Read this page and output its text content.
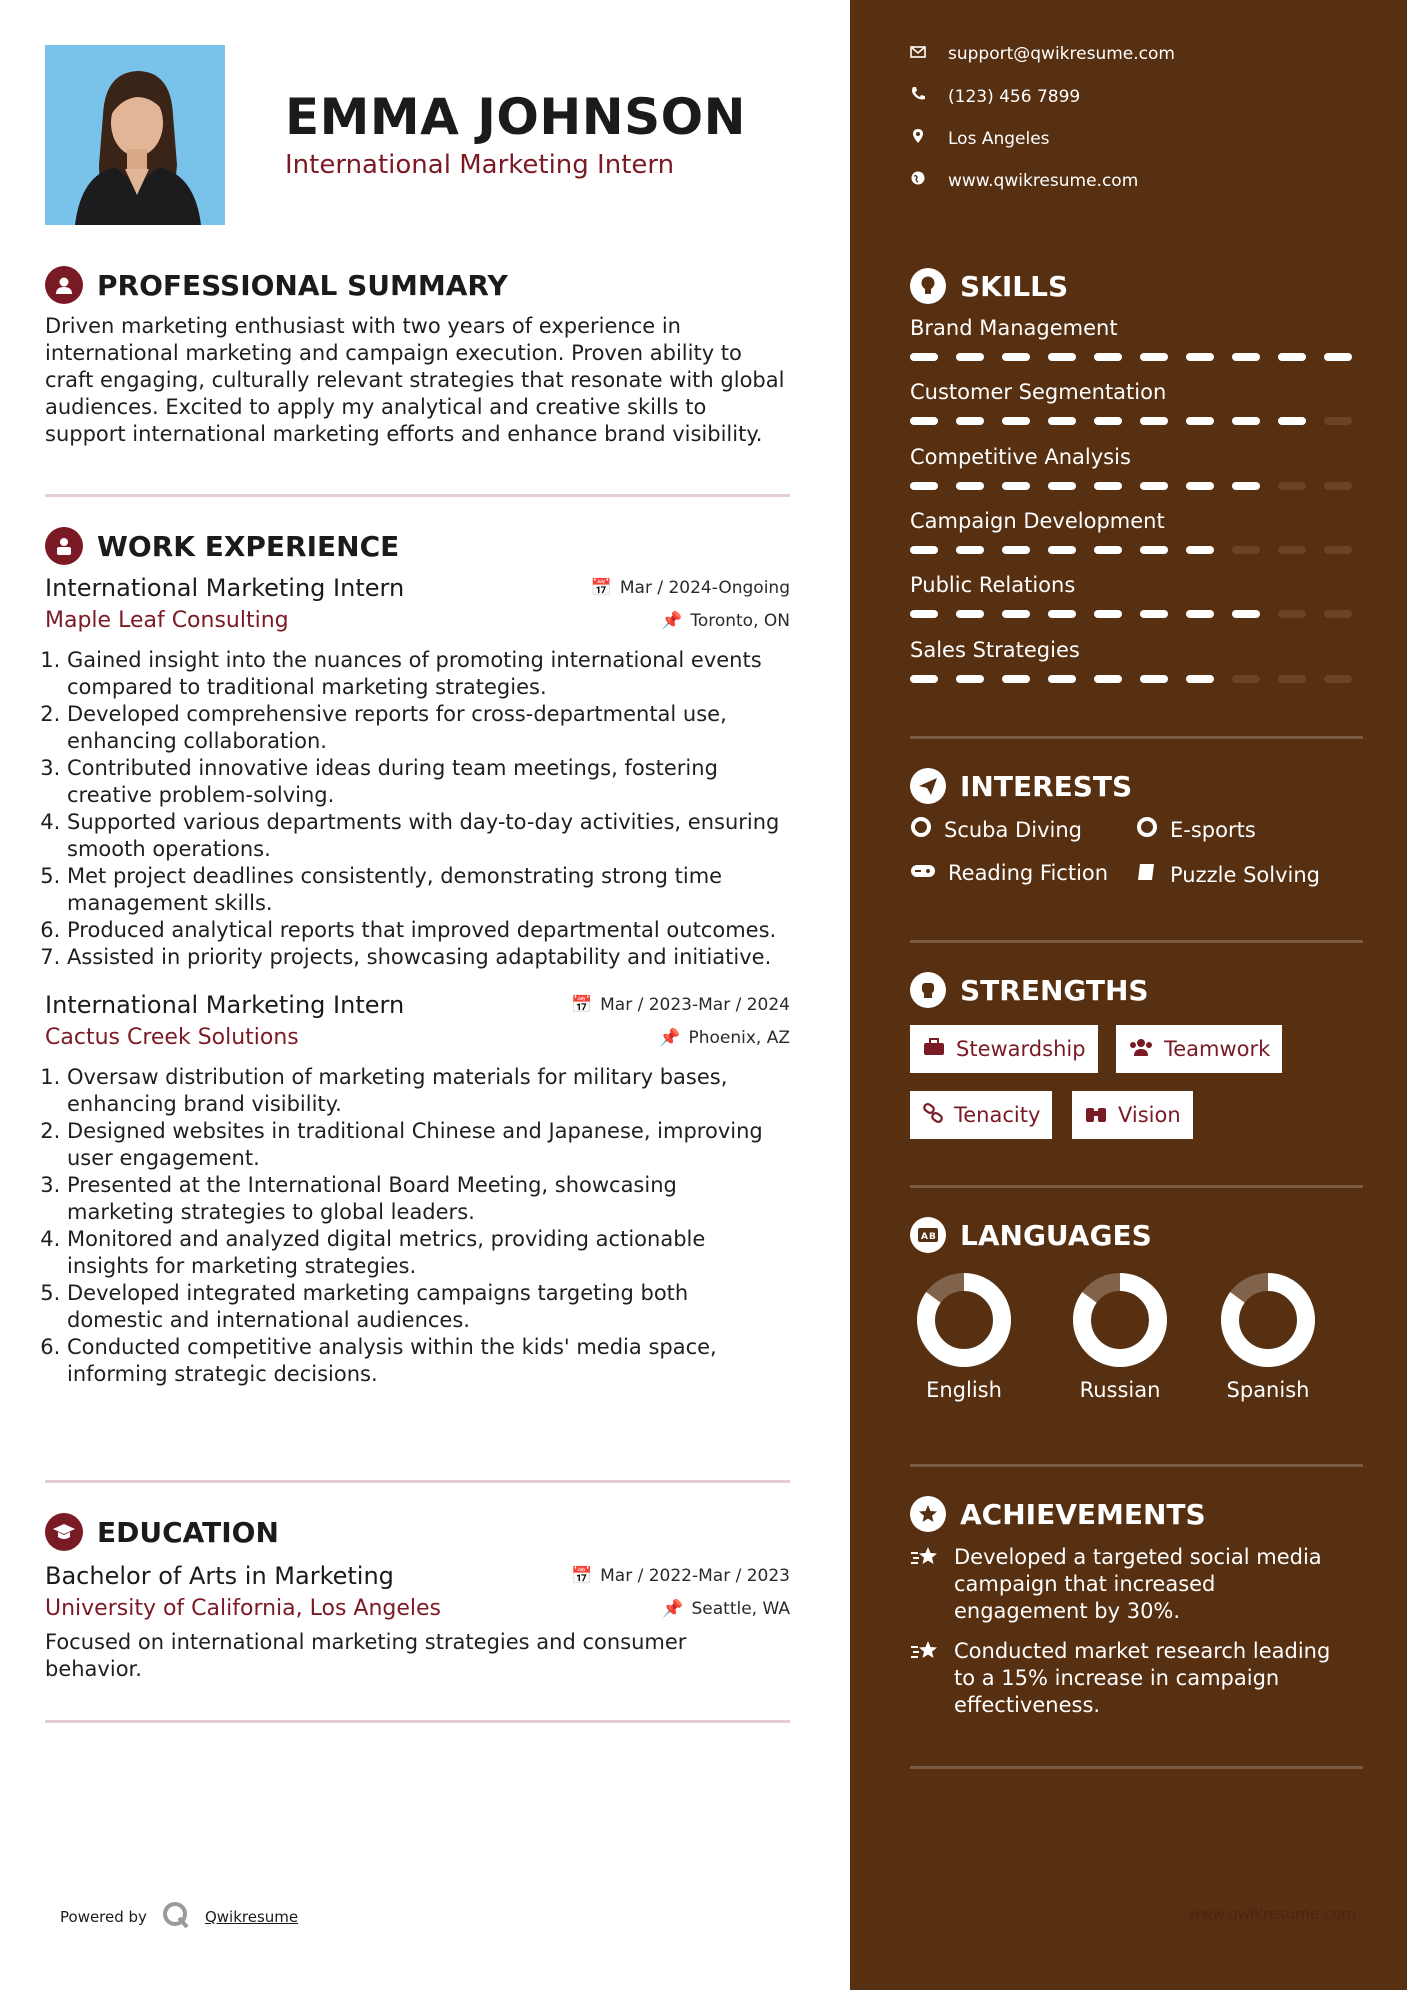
EMMA JOHNSON
International Marketing Intern
PROFESSIONAL SUMMARY
Driven marketing enthusiast with two years of experience in international marketing and campaign execution. Proven ability to craft engaging, culturally relevant strategies that resonate with global audiences. Excited to apply my analytical and creative skills to support international marketing efforts and enhance brand visibility.
WORK EXPERIENCE
International Marketing Intern	📅 Mar / 2024-Ongoing
Maple Leaf Consulting	📌 Toronto, ON
1. Gained insight into the nuances of promoting international events compared to traditional marketing strategies.
2. Developed comprehensive reports for cross-departmental use, enhancing collaboration.
3. Contributed innovative ideas during team meetings, fostering creative problem-solving.
4. Supported various departments with day-to-day activities, ensuring smooth operations.
5. Met project deadlines consistently, demonstrating strong time management skills.
6. Produced analytical reports that improved departmental outcomes.
7. Assisted in priority projects, showcasing adaptability and initiative.
International Marketing Intern	📅 Mar / 2023-Mar / 2024
Cactus Creek Solutions	📌 Phoenix, AZ
1. Oversaw distribution of marketing materials for military bases, enhancing brand visibility.
2. Designed websites in traditional Chinese and Japanese, improving user engagement.
3. Presented at the International Board Meeting, showcasing marketing strategies to global leaders.
4. Monitored and analyzed digital metrics, providing actionable insights for marketing strategies.
5. Developed integrated marketing campaigns targeting both domestic and international audiences.
6. Conducted competitive analysis within the kids' media space, informing strategic decisions.
EDUCATION
Bachelor of Arts in Marketing	📅 Mar / 2022-Mar / 2023
University of California, Los Angeles	📌 Seattle, WA
Focused on international marketing strategies and consumer behavior.
Powered by	Qwikresume
support@qwikresume.com
(123) 456 7899
Los Angeles
www.qwikresume.com
SKILLS
Brand Management
Customer Segmentation
Competitive Analysis
Campaign Development
Public Relations
Sales Strategies
INTERESTS
Scuba Diving	E-sports
Reading Fiction	Puzzle Solving
STRENGTHS
Stewardship	Teamwork
Tenacity	Vision
A B LANGUAGES
English	Russian	Spanish
ACHIEVEMENTS
Developed a targeted social media campaign that increased engagement by 30%.
Conducted market research leading to a 15% increase in campaign effectiveness.
www.qwikresume.com
